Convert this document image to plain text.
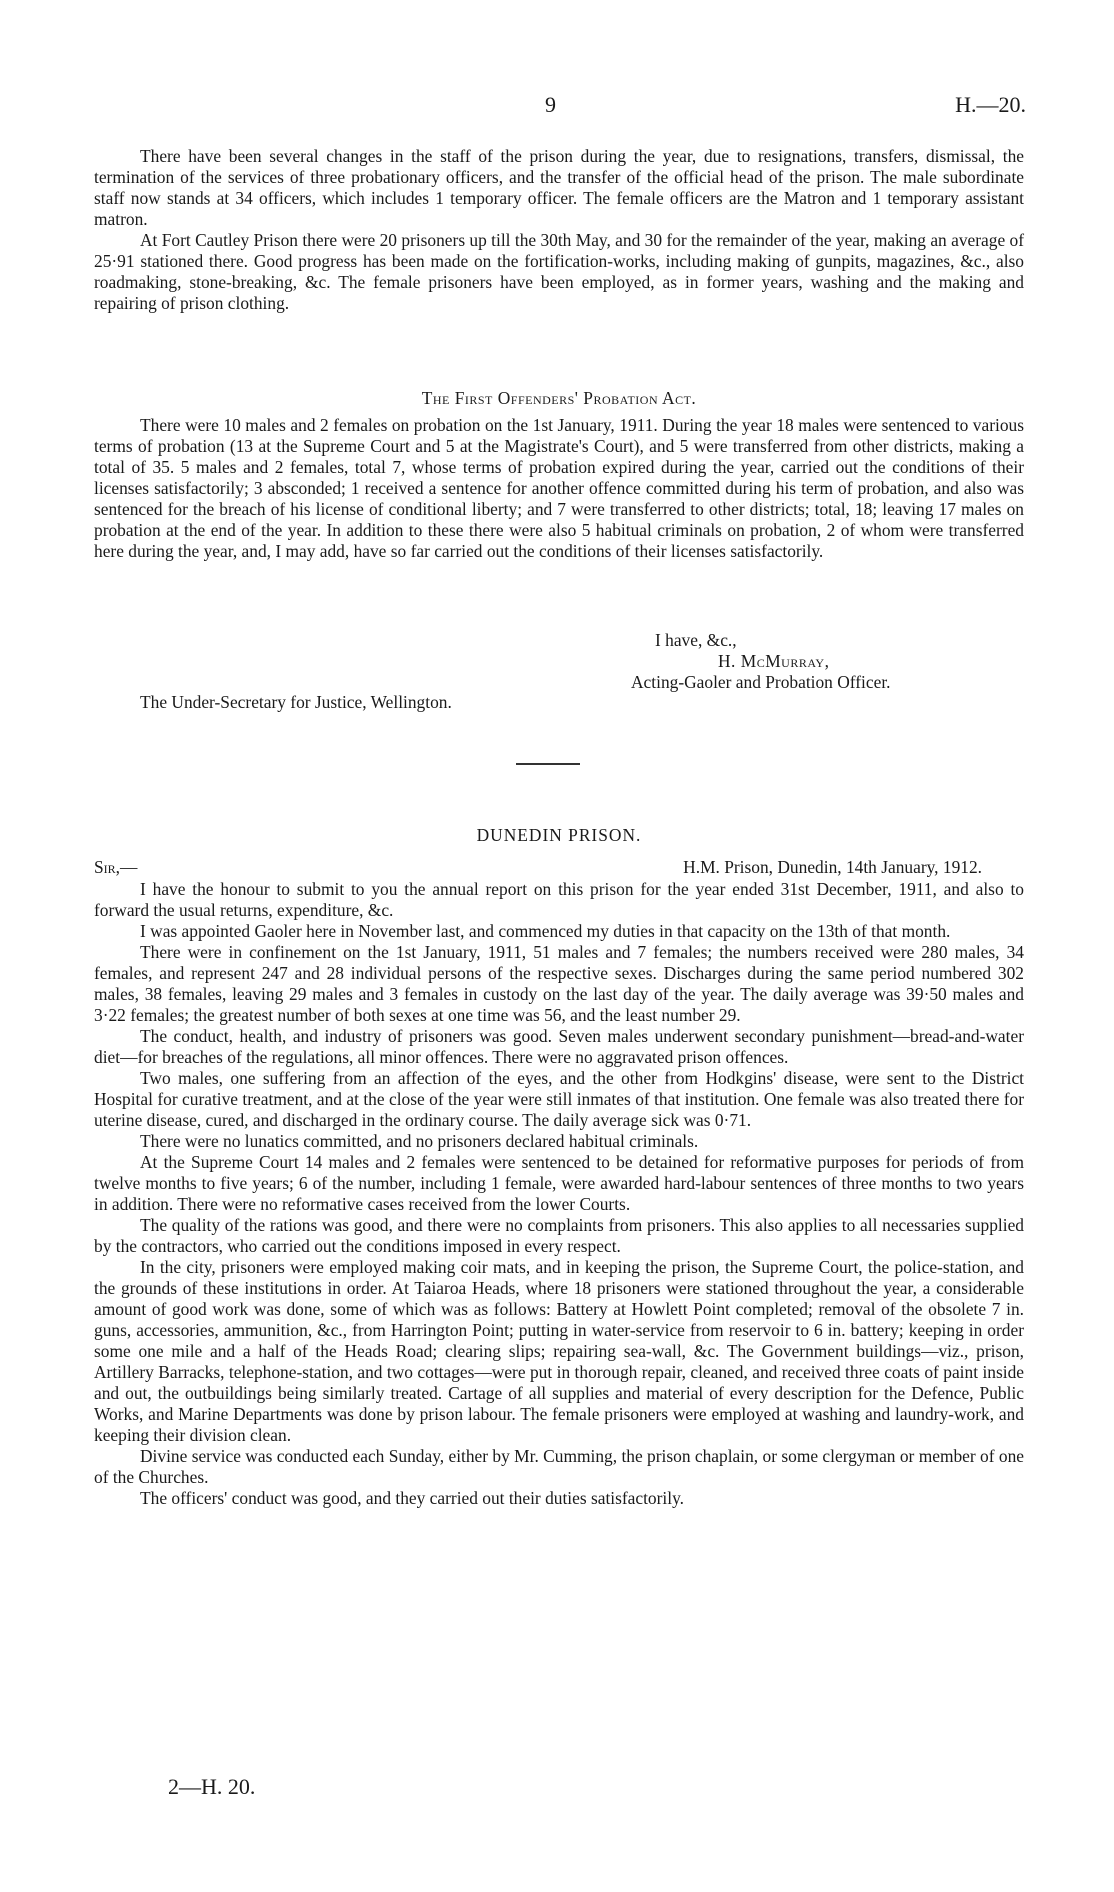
9	H.—20.

There have been several changes in the staff of the prison during the year, due to resignations, transfers, dismissal, the termination of the services of three probationary officers, and the transfer of the official head of the prison. The male subordinate staff now stands at 34 officers, which includes 1 temporary officer. The female officers are the Matron and 1 temporary assistant matron.

At Fort Cautley Prison there were 20 prisoners up till the 30th May, and 30 for the remainder of the year, making an average of 25·91 stationed there. Good progress has been made on the fortification-works, including making of gunpits, magazines, &c., also roadmaking, stone-breaking, &c. The female prisoners have been employed, as in former years, washing and the making and repairing of prison clothing.

The First Offenders' Probation Act.

There were 10 males and 2 females on probation on the 1st January, 1911. During the year 18 males were sentenced to various terms of probation (13 at the Supreme Court and 5 at the Magistrate's Court), and 5 were transferred from other districts, making a total of 35. 5 males and 2 females, total 7, whose terms of probation expired during the year, carried out the conditions of their licenses satisfactorily; 3 absconded; 1 received a sentence for another offence committed during his term of probation, and also was sentenced for the breach of his license of conditional liberty; and 7 were transferred to other districts; total, 18; leaving 17 males on probation at the end of the year. In addition to these there were also 5 habitual criminals on probation, 2 of whom were transferred here during the year, and, I may add, have so far carried out the conditions of their licenses satisfactorily.

I have, &c.,
H. McMurray,
Acting-Gaoler and Probation Officer.
The Under-Secretary for Justice, Wellington.
DUNEDIN PRISON.
Sir,—	H.M. Prison, Dunedin, 14th January, 1912.

I have the honour to submit to you the annual report on this prison for the year ended 31st December, 1911, and also to forward the usual returns, expenditure, &c.

I was appointed Gaoler here in November last, and commenced my duties in that capacity on the 13th of that month.

There were in confinement on the 1st January, 1911, 51 males and 7 females; the numbers received were 280 males, 34 females, and represent 247 and 28 individual persons of the respective sexes. Discharges during the same period numbered 302 males, 38 females, leaving 29 males and 3 females in custody on the last day of the year. The daily average was 39·50 males and 3·22 females; the greatest number of both sexes at one time was 56, and the least number 29.

The conduct, health, and industry of prisoners was good. Seven males underwent secondary punishment—bread-and-water diet—for breaches of the regulations, all minor offences. There were no aggravated prison offences.

Two males, one suffering from an affection of the eyes, and the other from Hodkgins' disease, were sent to the District Hospital for curative treatment, and at the close of the year were still inmates of that institution. One female was also treated there for uterine disease, cured, and discharged in the ordinary course. The daily average sick was 0·71.

There were no lunatics committed, and no prisoners declared habitual criminals.

At the Supreme Court 14 males and 2 females were sentenced to be detained for reformative purposes for periods of from twelve months to five years; 6 of the number, including 1 female, were awarded hard-labour sentences of three months to two years in addition. There were no reformative cases received from the lower Courts.

The quality of the rations was good, and there were no complaints from prisoners. This also applies to all necessaries supplied by the contractors, who carried out the conditions imposed in every respect.

In the city, prisoners were employed making coir mats, and in keeping the prison, the Supreme Court, the police-station, and the grounds of these institutions in order. At Taiaroa Heads, where 18 prisoners were stationed throughout the year, a considerable amount of good work was done, some of which was as follows: Battery at Howlett Point completed; removal of the obsolete 7 in. guns, accessories, ammunition, &c., from Harrington Point; putting in water-service from reservoir to 6 in. battery; keeping in order some one mile and a half of the Heads Road; clearing slips; repairing sea-wall, &c. The Government buildings—viz., prison, Artillery Barracks, telephone-station, and two cottages—were put in thorough repair, cleaned, and received three coats of paint inside and out, the outbuildings being similarly treated. Cartage of all supplies and material of every description for the Defence, Public Works, and Marine Departments was done by prison labour. The female prisoners were employed at washing and laundry-work, and keeping their division clean.

Divine service was conducted each Sunday, either by Mr. Cumming, the prison chaplain, or some clergyman or member of one of the Churches.

The officers' conduct was good, and they carried out their duties satisfactorily.

2—H. 20.
